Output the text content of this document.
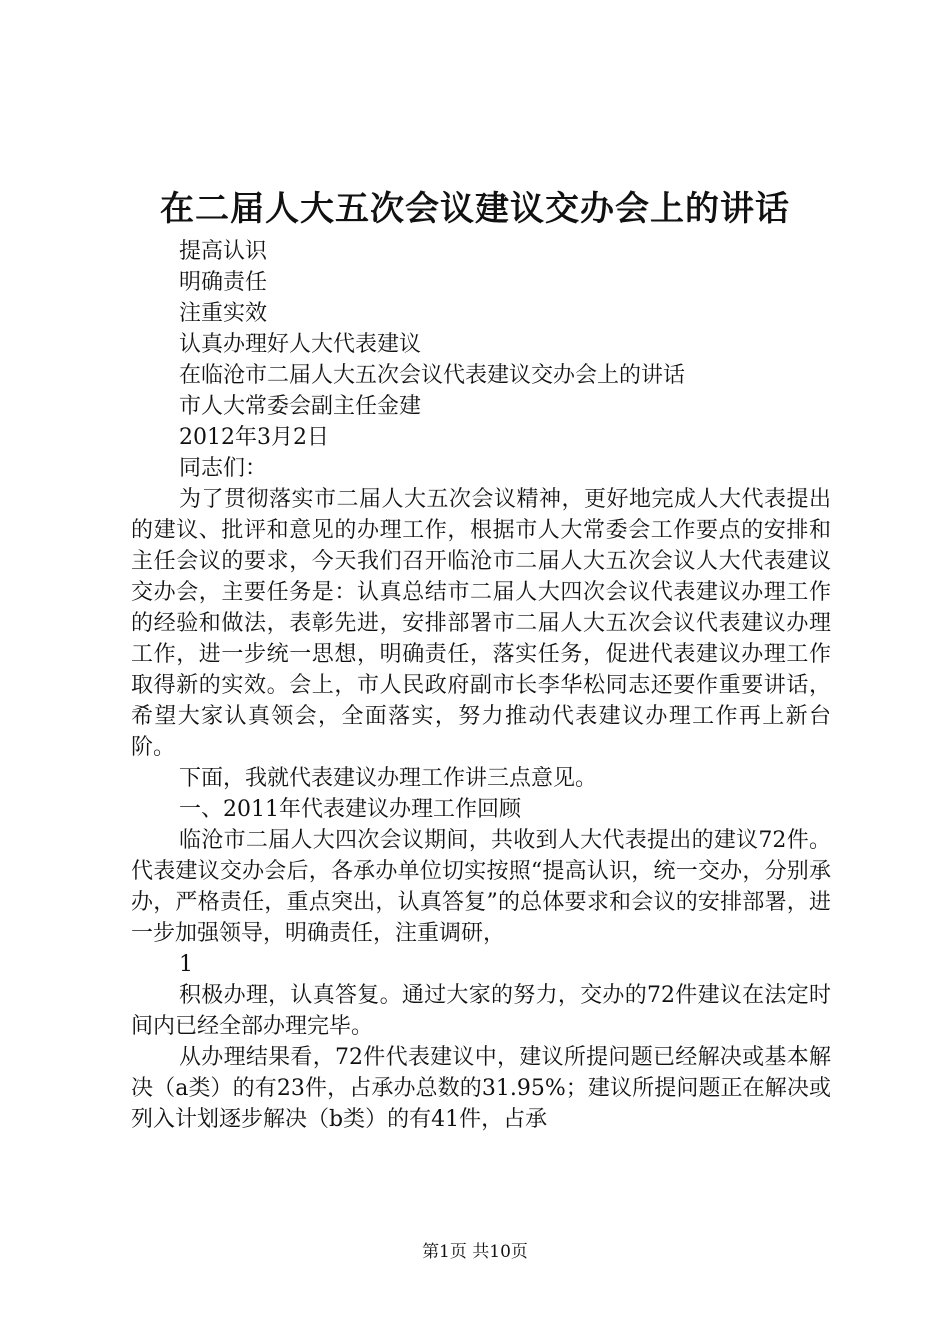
在二届人大五次会议建议交办会上的讲话

提高认识

明确责任

注重实效

认真办理好人大代表建议

在临沧市二届人大五次会议代表建议交办会上的讲话

市人大常委会副主任金建

2012年3月2日

同志们：

为了贯彻落实市二届人大五次会议精神，更好地完成人大代表提出的建议、批评和意见的办理工作，根据市人大常委会工作要点的安排和主任会议的要求，今天我们召开临沧市二届人大五次会议人大代表建议交办会，主要任务是：认真总结市二届人大四次会议代表建议办理工作的经验和做法，表彰先进，安排部署市二届人大五次会议代表建议办理工作，进一步统一思想，明确责任，落实任务，促进代表建议办理工作取得新的实效。会上，市人民政府副市长李华松同志还要作重要讲话，希望大家认真领会，全面落实，努力推动代表建议办理工作再上新台阶。

下面，我就代表建议办理工作讲三点意见。

一、2011年代表建议办理工作回顾

临沧市二届人大四次会议期间，共收到人大代表提出的建议72件。代表建议交办会后，各承办单位切实按照“提高认识，统一交办，分别承办，严格责任，重点突出，认真答复”的总体要求和会议的安排部署，进一步加强领导，明确责任，注重调研，

1

积极办理，认真答复。通过大家的努力，交办的72件建议在法定时间内已经全部办理完毕。

从办理结果看，72件代表建议中，建议所提问题已经解决或基本解决（a类）的有23件，占承办总数的31.95%；建议所提问题正在解决或列入计划逐步解决（b类）的有41件，占承

第1页 共10页
